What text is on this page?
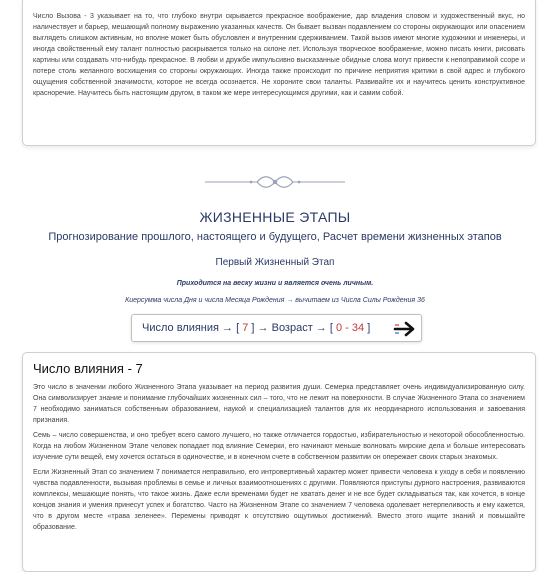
Число Вызова - 3 указывает на то, что глубоко внутри скрывается прекрасное воображение, дар владения словом и художественный вкус, но наличествует и барьер, мешающий полному выражению указанных качеств. Он бывает вызван подавлением со стороны окружающих или опасением выглядеть слишком активным, но вполне может быть обусловлен и внутренним сдерживанием. Такой вызов имеют многие художники и инженеры, и иногда свойственный ему талант полностью раскрывается только на склоне лет. Используя творческое воображение, можно писать книги, рисовать картины или создавать что-нибудь прекрасное. В любви и дружбе импульсивно высказанные обидные слова могут привести к непоправимой ссоре и потере столь желанного восхищения со стороны окружающих. Иногда также происходит по причине неприятия критики в свой адрес и глубокого ощущения собственной значимости, которое не всегда осознается. Не хороните свои таланты. Развивайте их и научитесь ценить конструктивное красноречие. Научитесь быть настоящим другом, в таком же мере интересующимся другими, как и самим собой.

ЖИЗНЕННЫЕ ЭТАПЫ
Прогнозирование прошлого, настоящего и будущего, Расчет времени жизненных этапов
Первый Жизненный Этап
Приходится на веску жизни и является очень личным.
Киерсумма числа Дня и числа Месяца Рождения → вычитаем из Числа Силы Рождения 36
Число влияния →
[
7
]
→ Возраст →
[
0 - 34
]
Число влияния - 7

Это число в значении любого Жизненного Этапа указывает на период развития души. Семерка представляет очень индивидуализированную силу. Она символизирует знание и понимание глубочайших жизненных сил – того, что не лежит на поверхности. В случае Жизненного Этапа со значением 7 необходимо заниматься собственным образованием, наукой и специализацией талантов для их неординарного использования и завоевания признания.

Семь – число совершенства, и оно требует всего самого лучшего, но также отличается гордостью, избирательностью и некоторой обособленностью. Когда на любом Жизненном Этапе человек попадает под влияние Семерки, его начинают меньше волновать мирские дела и больше интересовать изучение сути вещей, ему хочется остаться в одиночестве, и в конечном счете в собственном развитии он опережает своих старых знакомых.

Если Жизненный Этап со значением 7 понимается неправильно, его интровертивный характер может привести человека к уходу в себя и появлению чувства подавленности, вызывая проблемы в семье и личных взаимоотношениях с другими. Появляются приступы дурного настроения, развиваются комплексы, мешающие понять, что такое жизнь. Даже если временами будет не хватать денег и не все будет складываться так, как хочется, в конце концов знания и умения принесут успех и богатство. Часто на Жизненном Этапе со значением 7 человека одолевает нетерпеливость и ему кажется, что в другом месте «трава зеленее». Перемены приводят к отсутствию ощутимых достижений. Вместо этого ищите знаний и повышайте образование.
